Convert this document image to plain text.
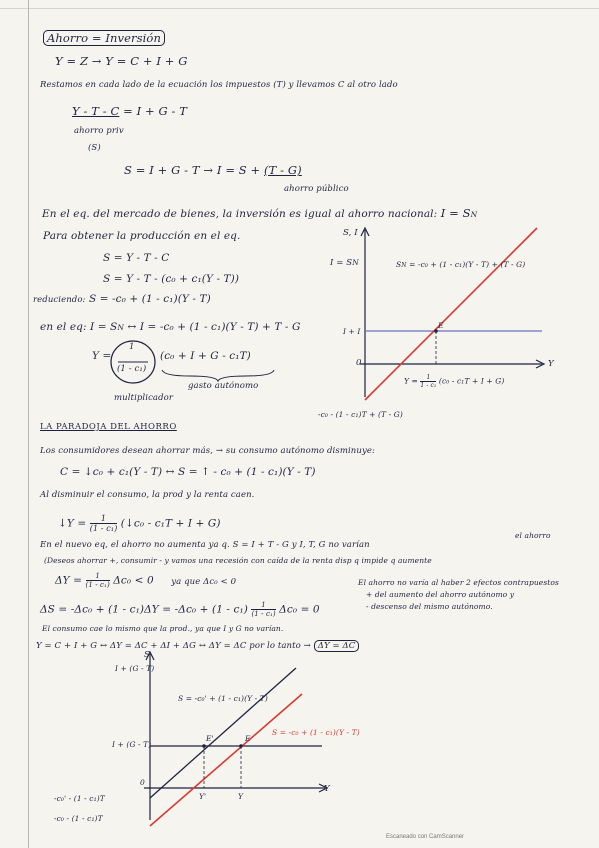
Ahorro = Inversión
Y = Z → Y = C + I + G
Restamos en cada lado de la ecuación los impuestos (T) y llevamos C al otro lado
Y - T - C = I + G - T
ahorro priv
(S)
S = I + G - T → I = S + (T - G)
ahorro público
En el eq. del mercado de bienes, la inversión es igual al ahorro nacional: I = SN
Para obtener la producción en el eq.
S = Y - T - C
S = Y - T - (c₀ + c₁(Y - T))
reduciendo: S = -c₀ + (1 - c₁)(Y - T)
en el eq: I = SN ↔ I = -c₀ + (1 - c₁)(Y - T) + T - G
Y =
1
(1 - c₁)
(c₀ + I + G - c₁T)
gasto autónomo
multiplicador
S, I
I = SN	SN = -c₀ + (1 - c₁)(Y - T) + (T - G)
I + I
E
0	Y
$Y = \frac{1}{\text{1 - c₁}} (c_0 - c_1T + I + G)$
-c₀ - (1 - c₁)T + (T - G)
LA PARADOJA DEL AHORRO
Los consumidores desean ahorrar más, → su consumo autónomo disminuye:
C = ↓c₀ + c₁(Y - T) ↔ S = ↑ - c₀ + (1 - c₁)(Y - T)
Al disminuir el consumo, la prod y la renta caen.
↓Y = $\frac{1}{\text{(1 - c₁)}}$ (↓c₀ - c₁T + I + G)
En el nuevo eq, el ahorro no aumenta ya q. S = I + T - G y I, T, G no varían
el ahorro
(Deseos ahorrar +, consumir - y vamos una recesión con caída de la renta disp q impide q aumente
$\Delta Y = \frac{1}{\text{(1 - c₁)}} \Delta c_0 < 0$ ya que Δc₀ < 0	El ahorro no varía al haber 2 efectos contrapuestos
+ del aumento del ahorro autónomo y
- descenso del mismo autónomo.
$\Delta S = -\Delta c_0 + (1 - c_1)\Delta Y = -\Delta c_0 + (1 - c_1) \frac{1}{\text{(1 - c₁)}} \Delta c_0 = 0$
El consumo cae lo mismo que la prod., ya que I y G no varían.
Y = C + I + G ↔ ΔY = ΔC + ΔI + ΔG ↔ ΔY = ΔC por lo tanto → ΔY = ΔC
S
I + (G - T)
S = -c₀' + (1 - c₁)(Y - T)
S = -c₀ + (1 - c₁)(Y - T)
I + (G - T)
E'	E
0
Y'	Y
Y
-c₀' - (1 - c₁)T
-c₀ - (1 - c₁)T
Escaneado con CamScanner
